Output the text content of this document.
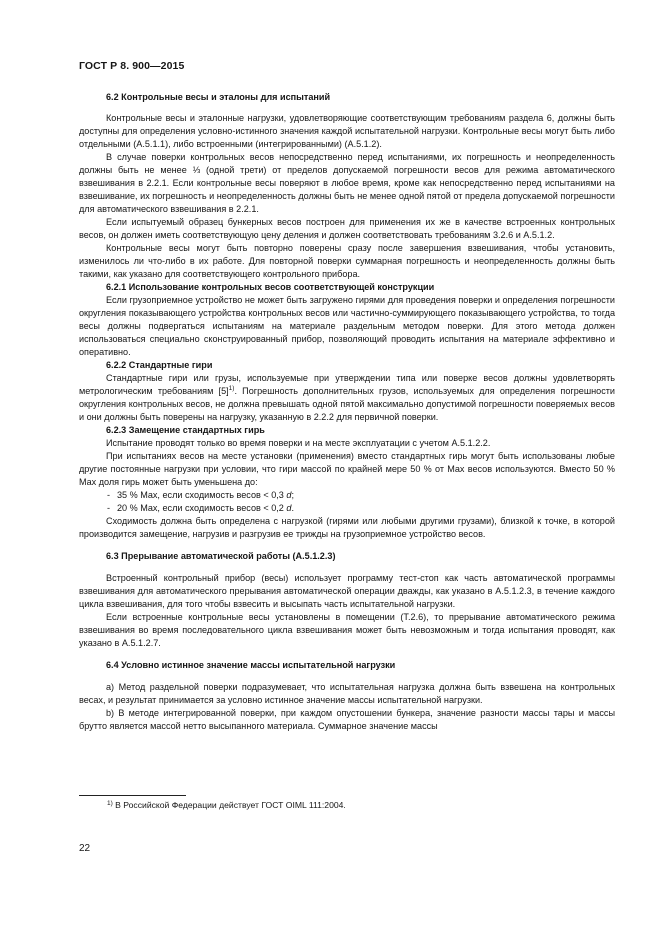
ГОСТ Р 8. 900—2015
6.2 Контрольные весы и эталоны для испытаний

Контрольные весы и эталонные нагрузки, удовлетворяющие соответствующим требованиям раздела 6, должны быть доступны для определения условно-истинного значения каждой испытательной нагрузки. Контрольные весы могут быть либо отдельными (А.5.1.1), либо встроенными (интегрированными) (А.5.1.2).

В случае поверки контрольных весов непосредственно перед испытаниями, их погрешность и неопределенность должны быть не менее ⅓ (одной трети) от пределов допускаемой погрешности весов для режима автоматического взвешивания в 2.2.1. Если контрольные весы поверяют в любое время, кроме как непосредственно перед испытаниями на взвешивание, их погрешность и неопределенность должны быть не менее одной пятой от предела допускаемой погрешности для автоматического взвешивания в 2.2.1.

Если испытуемый образец бункерных весов построен для применения их же в качестве встроенных контрольных весов, он должен иметь соответствующую цену деления и должен соответствовать требованиям 3.2.6 и А.5.1.2.

Контрольные весы могут быть повторно поверены сразу после завершения взвешивания, чтобы установить, изменилось ли что-либо в их работе. Для повторной поверки суммарная погрешность и неопределенность должны быть такими, как указано для соответствующего контрольного прибора.

6.2.1 Использование контрольных весов соответствующей конструкции

Если грузоприемное устройство не может быть загружено гирями для проведения поверки и определения погрешности округления показывающего устройства контрольных весов или частично-суммирующего показывающего устройства, то тогда весы должны подвергаться испытаниям на материале раздельным методом поверки. Для этого метода должен использоваться специально сконструированный прибор, позволяющий проводить испытания на материале эффективно и оперативно.

6.2.2 Стандартные гири

Стандартные гири или грузы, используемые при утверждении типа или поверке весов должны удовлетворять метрологическим требованиям $[5]^{1)}$. Погрешность дополнительных грузов, используемых для определения погрешности округления контрольных весов, не должна превышать одной пятой максимально допустимой погрешности поверяемых весов и они должны быть поверены на нагрузку, указанную в 2.2.2 для первичной поверки.

6.2.3 Замещение стандартных гирь

Испытание проводят только во время поверки и на месте эксплуатации с учетом А.5.1.2.2.

При испытаниях весов на месте установки (применения) вместо стандартных гирь могут быть использованы любые другие постоянные нагрузки при условии, что гири массой по крайней мере 50 % от Max весов используются. Вместо 50 % Max доля гирь может быть уменьшена до:

- 35 % Max, если сходимость весов < 0,3 d;

- 20 % Max, если сходимость весов < 0,2 d.

Сходимость должна быть определена с нагрузкой (гирями или любыми другими грузами), близкой к точке, в которой производится замещение, нагрузив и разгрузив ее трижды на грузоприемное устройство весов.

6.3 Прерывание автоматической работы (А.5.1.2.3)

Встроенный контрольный прибор (весы) использует программу тест-стоп как часть автоматической программы взвешивания для автоматического прерывания автоматической операции дважды, как указано в А.5.1.2.3, в течение каждого цикла взвешивания, для того чтобы взвесить и высыпать часть испытательной нагрузки.

Если встроенные контрольные весы установлены в помещении (Т.2.6), то прерывание автоматического режима взвешивания во время последовательного цикла взвешивания может быть невозможным и тогда испытания проводят, как указано в А.5.1.2.7.

6.4 Условно истинное значение массы испытательной нагрузки

а) Метод раздельной поверки подразумевает, что испытательная нагрузка должна быть взвешена на контрольных весах, и результат принимается за условно истинное значение массы испытательной нагрузки.

b) В методе интегрированной поверки, при каждом опустошении бункера, значение разности массы тары и массы брутто является массой нетто высыпанного материала. Суммарное значение массы

$^{1)}$ В Российской Федерации действует ГОСТ OIML 111:2004.
22
